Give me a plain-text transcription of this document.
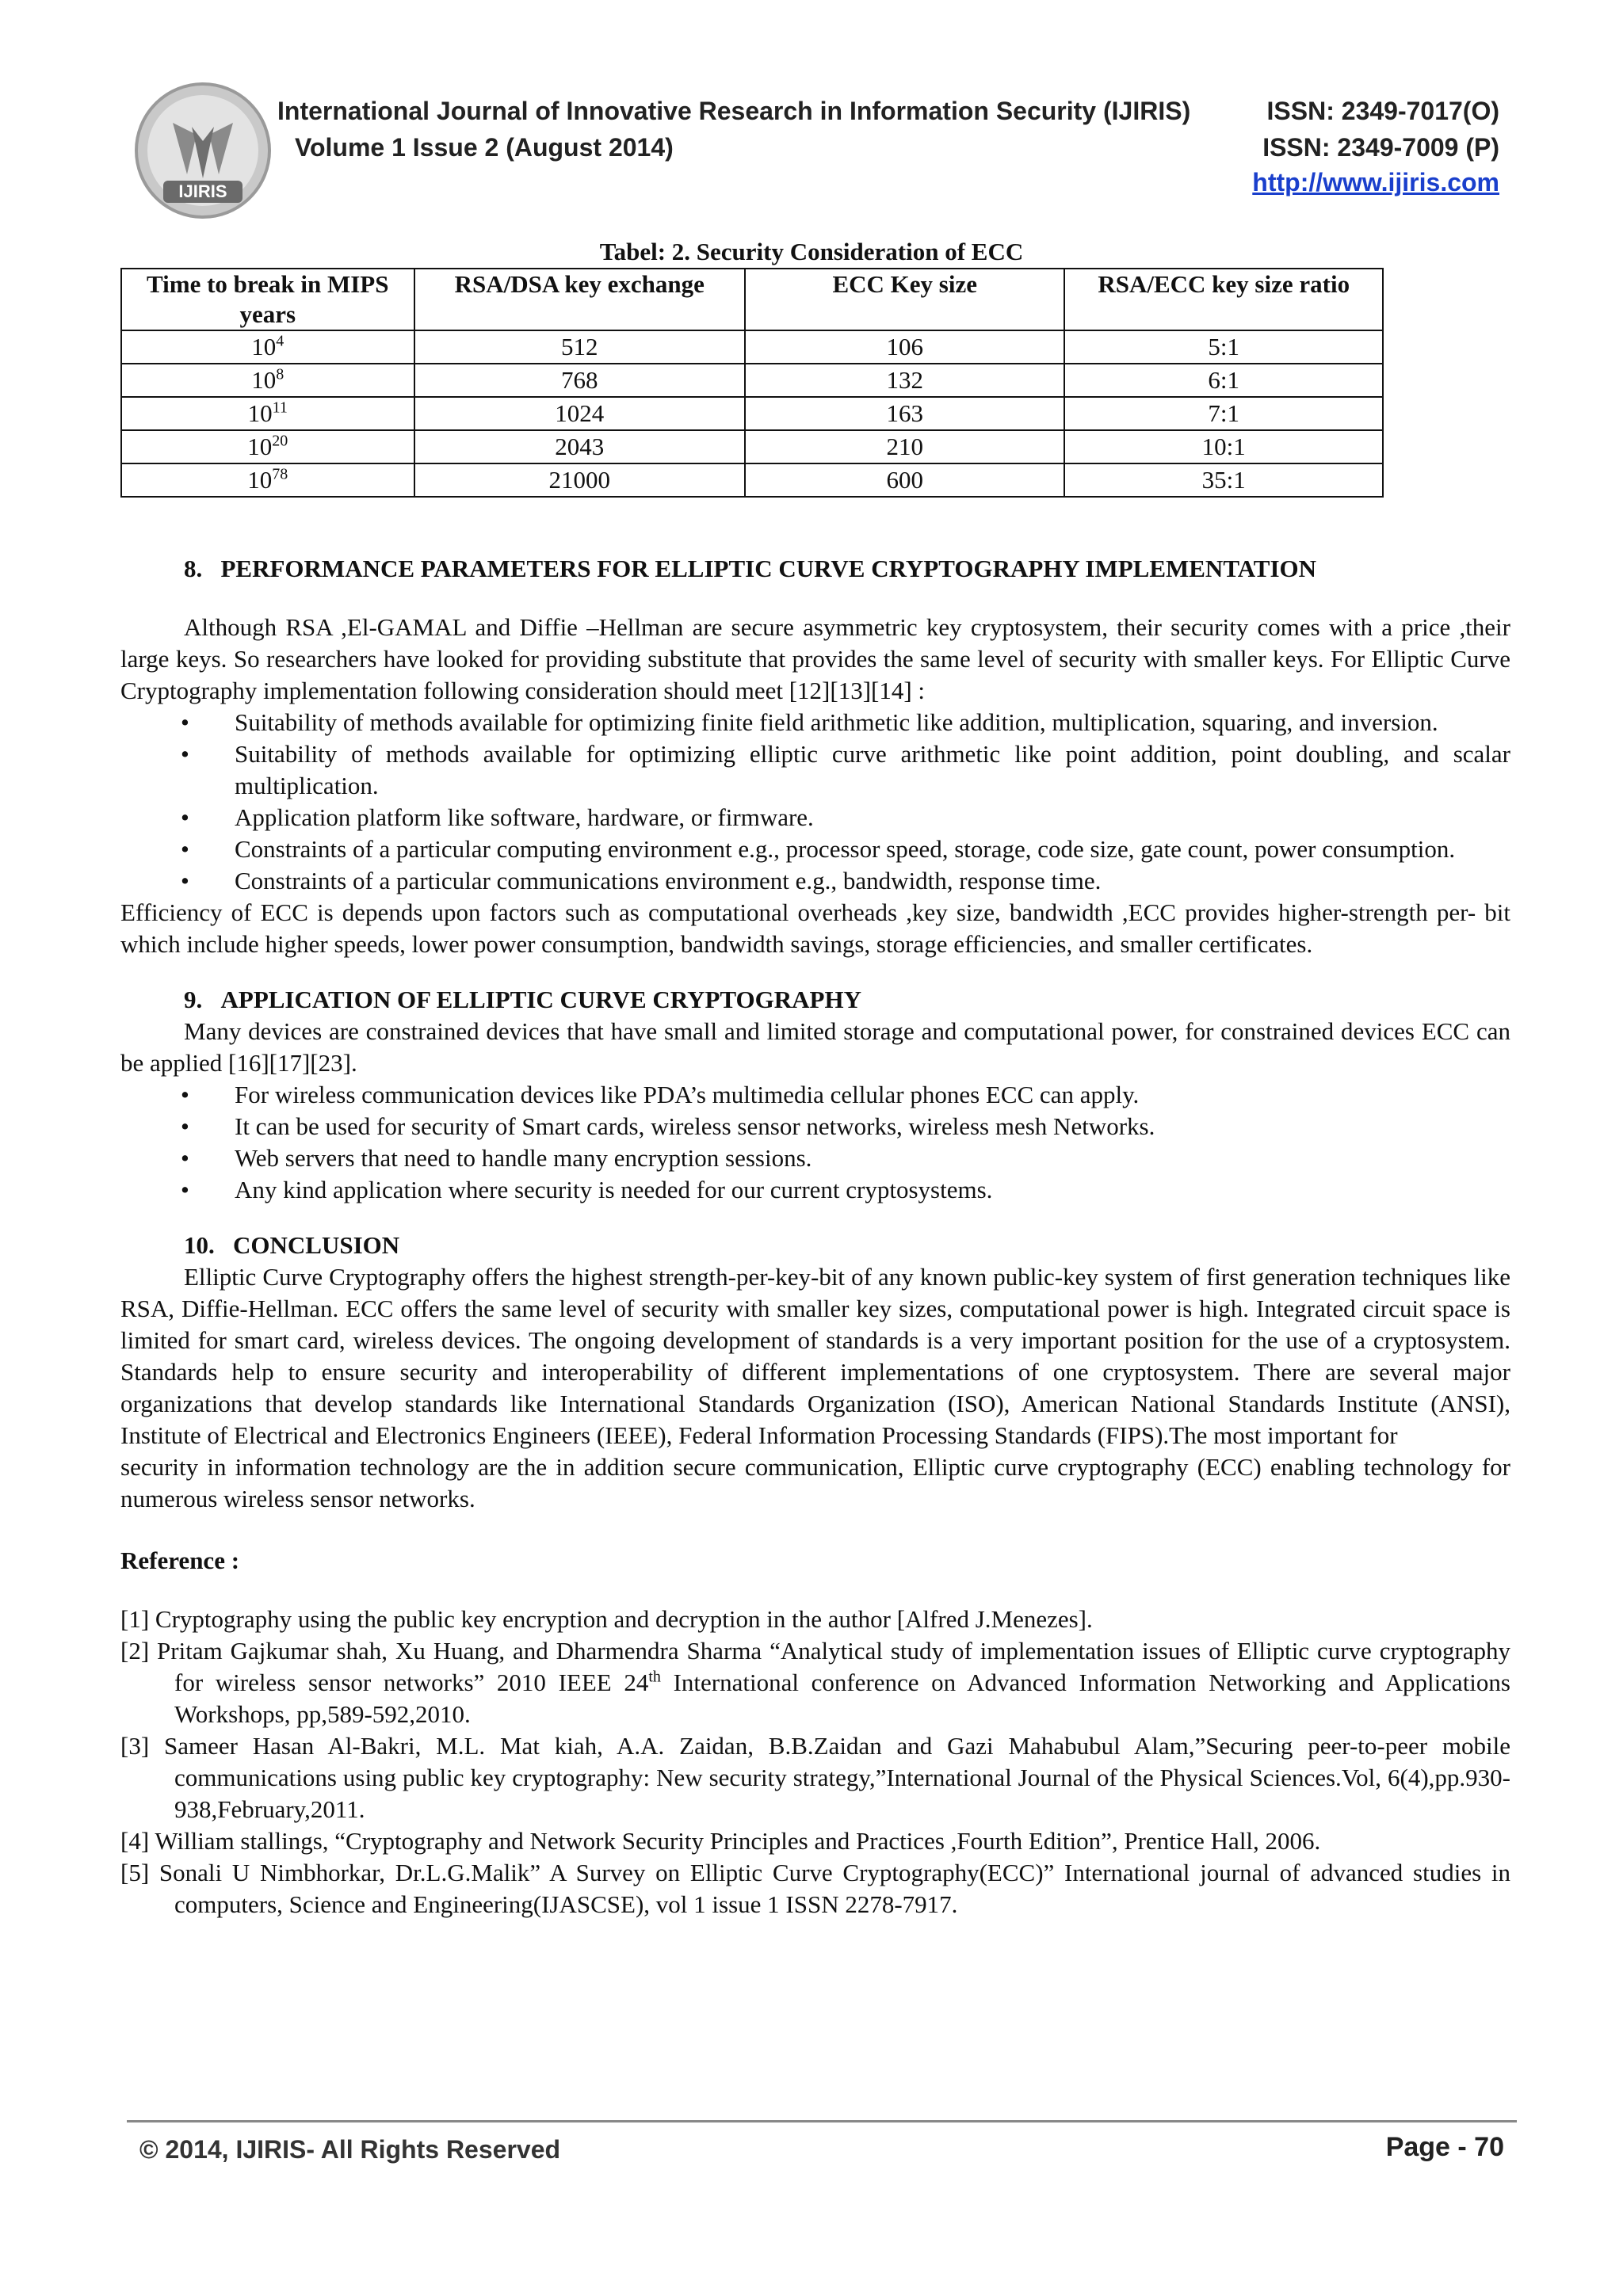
IJIRIS
International Journal of Innovative Research in Information Security (IJIRIS)
Volume 1 Issue 2 (August 2014)
ISSN: 2349-7017(O)
ISSN: 2349-7009 (P)
http://www.ijiris.com
Tabel: 2. Security Consideration of ECC
Time to break in MIPS years	RSA/DSA key exchange	ECC Key size	RSA/ECC key size ratio
$10^4$	512	106	5:1
$10^8$	768	132	6:1
$10^{11}$	1024	163	7:1
$10^{20}$	2043	210	10:1
$10^{78}$	21000	600	35:1

8.   PERFORMANCE PARAMETERS FOR ELLIPTIC CURVE CRYPTOGRAPHY IMPLEMENTATION

Although RSA ,El-GAMAL and Diffie –Hellman are secure asymmetric key cryptosystem, their security comes with a price ,their large keys. So researchers have looked for providing substitute that provides the same level of security with smaller keys. For Elliptic Curve Cryptography implementation following consideration should meet [12][13][14] :

• Suitability of methods available for optimizing finite field arithmetic like addition, multiplication, squaring, and inversion.
• Suitability of methods available for optimizing elliptic curve arithmetic like point addition, point doubling, and scalar multiplication.
• Application platform like software, hardware, or firmware.
• Constraints of a particular computing environment e.g., processor speed, storage, code size, gate count, power consumption.
• Constraints of a particular communications environment e.g., bandwidth, response time.

Efficiency of ECC is depends upon factors such as computational overheads ,key size, bandwidth ,ECC provides higher-strength per- bit which include higher speeds, lower power consumption, bandwidth savings, storage efficiencies, and smaller certificates.

9.   APPLICATION OF ELLIPTIC CURVE CRYPTOGRAPHY

Many devices are constrained devices that have small and limited storage and computational power, for constrained devices ECC can be applied [16][17][23].

• For wireless communication devices like PDA’s multimedia cellular phones ECC can apply.
• It can be used for security of Smart cards, wireless sensor networks, wireless mesh Networks.
• Web servers that need to handle many encryption sessions.
• Any kind application where security is needed for our current cryptosystems.

10.   CONCLUSION

Elliptic Curve Cryptography offers the highest strength-per-key-bit of any known public-key system of first generation techniques like RSA, Diffie-Hellman. ECC offers the same level of security with smaller key sizes, computational power is high. Integrated circuit space is limited for smart card, wireless devices. The ongoing development of standards is a very important position for the use of a cryptosystem. Standards help to ensure security and interoperability of different implementations of one cryptosystem. There are several major organizations that develop standards like International Standards Organization (ISO), American National Standards Institute (ANSI), Institute of Electrical and Electronics Engineers (IEEE), Federal Information Processing Standards (FIPS).The most important for

security in information technology are the in addition secure communication, Elliptic curve cryptography (ECC) enabling technology for numerous wireless sensor networks.

Reference :

[1] Cryptography using the public key encryption and decryption in the author [Alfred J.Menezes].

[2] Pritam Gajkumar shah, Xu Huang, and Dharmendra Sharma “Analytical study of implementation issues of Elliptic curve cryptography for wireless sensor networks” 2010 IEEE 24th International conference on Advanced Information Networking and Applications Workshops, pp,589-592,2010.

[3] Sameer Hasan Al-Bakri, M.L. Mat kiah, A.A. Zaidan, B.B.Zaidan and Gazi Mahabubul Alam,”Securing peer-to-peer mobile communications using public key cryptography: New security strategy,”International Journal of the Physical Sciences.Vol, 6(4),pp.930-938,February,2011.

[4] William stallings, “Cryptography and Network Security Principles and Practices ,Fourth Edition”, Prentice Hall, 2006.

[5] Sonali U Nimbhorkar, Dr.L.G.Malik” A Survey on Elliptic Curve Cryptography(ECC)” International journal of advanced studies in computers, Science and Engineering(IJASCSE), vol 1 issue 1 ISSN 2278-7917.

© 2014, IJIRIS- All Rights Reserved	Page - 70
